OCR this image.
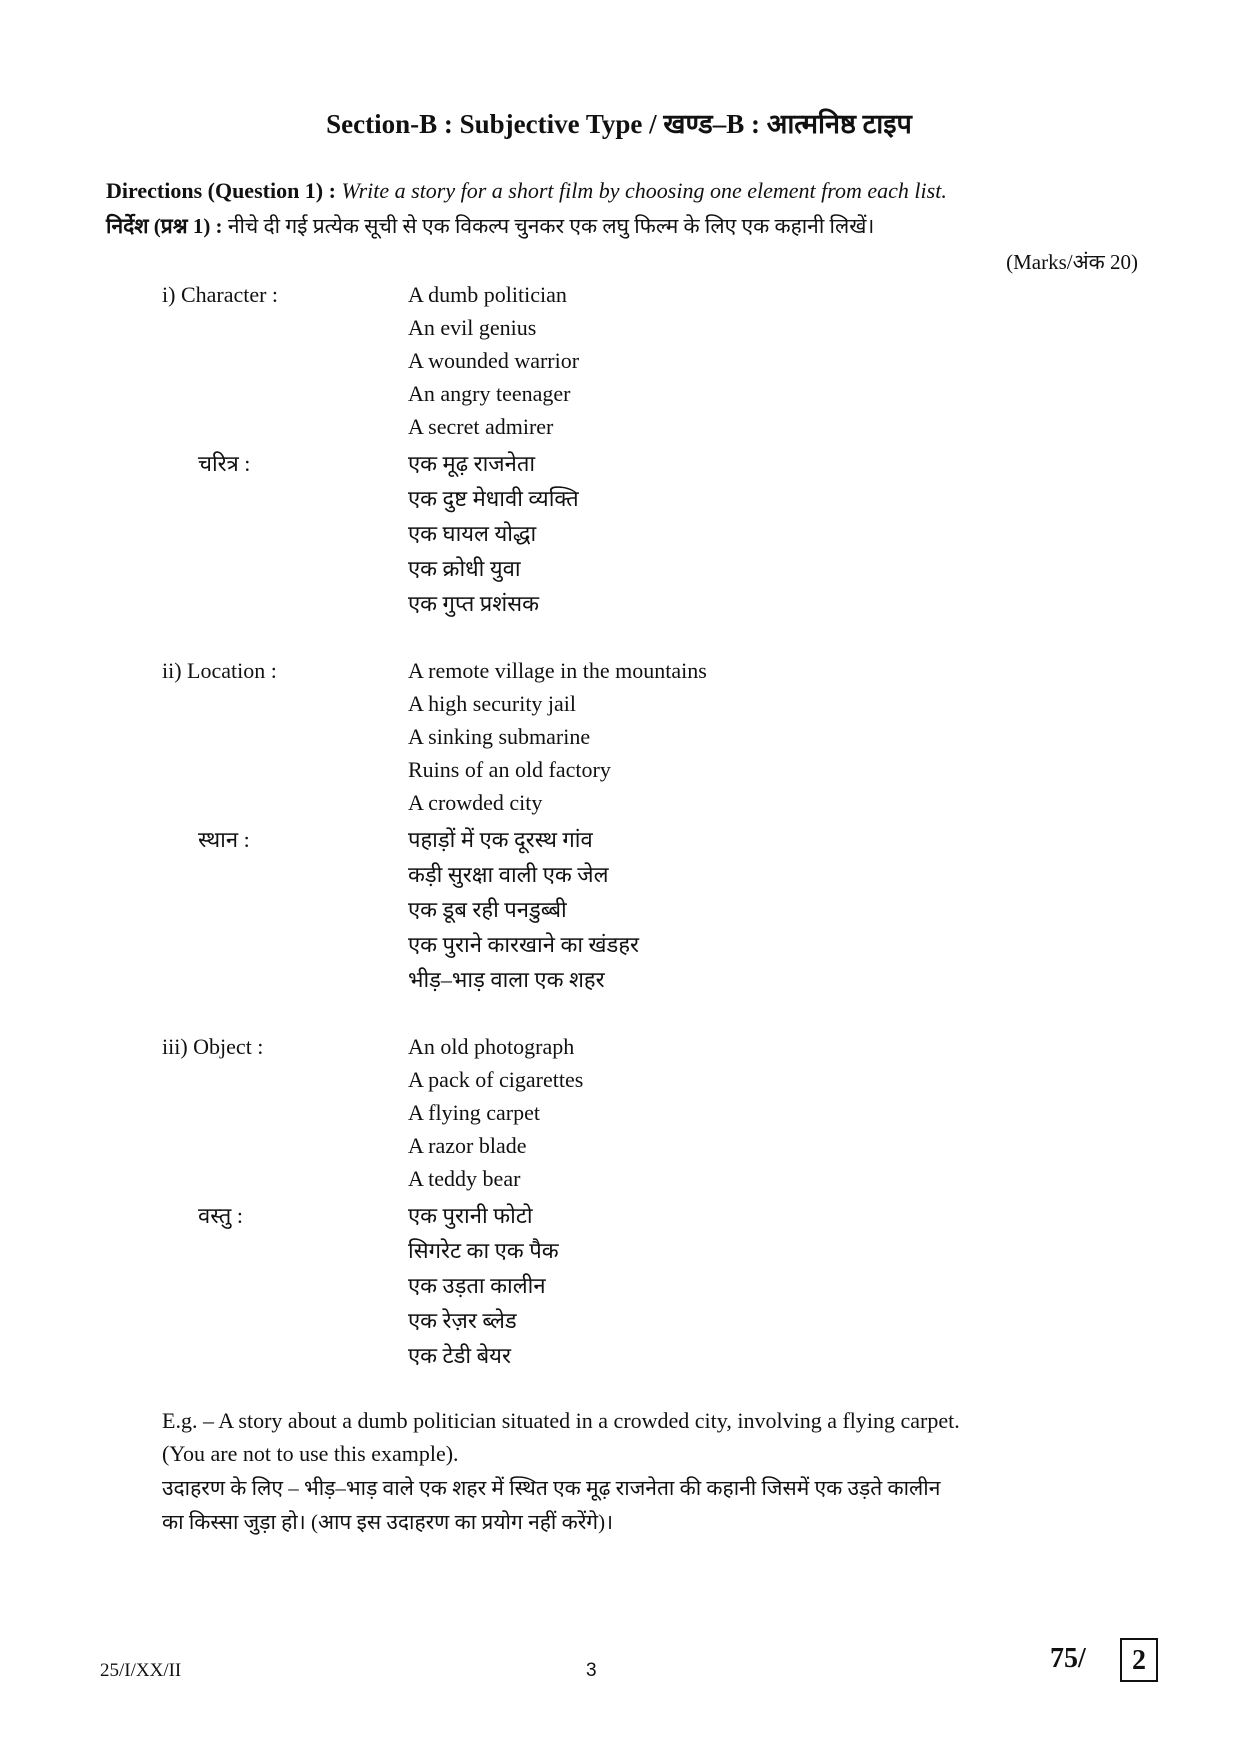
Section-B : Subjective Type / खण्ड–B : आत्मनिष्ठ टाइप
Directions (Question 1) : Write a story for a short film by choosing one element from each list.
निर्देश (प्रश्न 1) : नीचे दी गई प्रत्येक सूची से एक विकल्प चुनकर एक लघु फिल्म के लिए एक कहानी लिखें।
(Marks/अंक 20)
i) Character :	A dumb politician
An evil genius
A wounded warrior
An angry teenager
A secret admirer
चरित्र :	एक मूढ़ राजनेता
एक दुष्ट मेधावी व्यक्ति
एक घायल योद्धा
एक क्रोधी युवा
एक गुप्त प्रशंसक
ii) Location :	A remote village in the mountains
A high security jail
A sinking submarine
Ruins of an old factory
A crowded city
स्थान :	पहाड़ों में एक दूरस्थ गांव
कड़ी सुरक्षा वाली एक जेल
एक डूब रही पनडुब्बी
एक पुराने कारखाने का खंडहर
भीड़–भाड़ वाला एक शहर
iii) Object :	An old photograph
A pack of cigarettes
A flying carpet
A razor blade
A teddy bear
वस्तु :	एक पुरानी फोटो
सिगरेट का एक पैक
एक उड़ता कालीन
एक रेज़र ब्लेड
एक टेडी बेयर
E.g. – A story about a dumb politician situated in a crowded city, involving a flying carpet.
(You are not to use this example).
उदाहरण के लिए – भीड़–भाड़ वाले एक शहर में स्थित एक मूढ़ राजनेता की कहानी जिसमें एक उड़ते कालीन
का किस्सा जुड़ा हो। (आप इस उदाहरण का प्रयोग नहीं करेंगे)।
25/I/XX/II	3	75/	2
